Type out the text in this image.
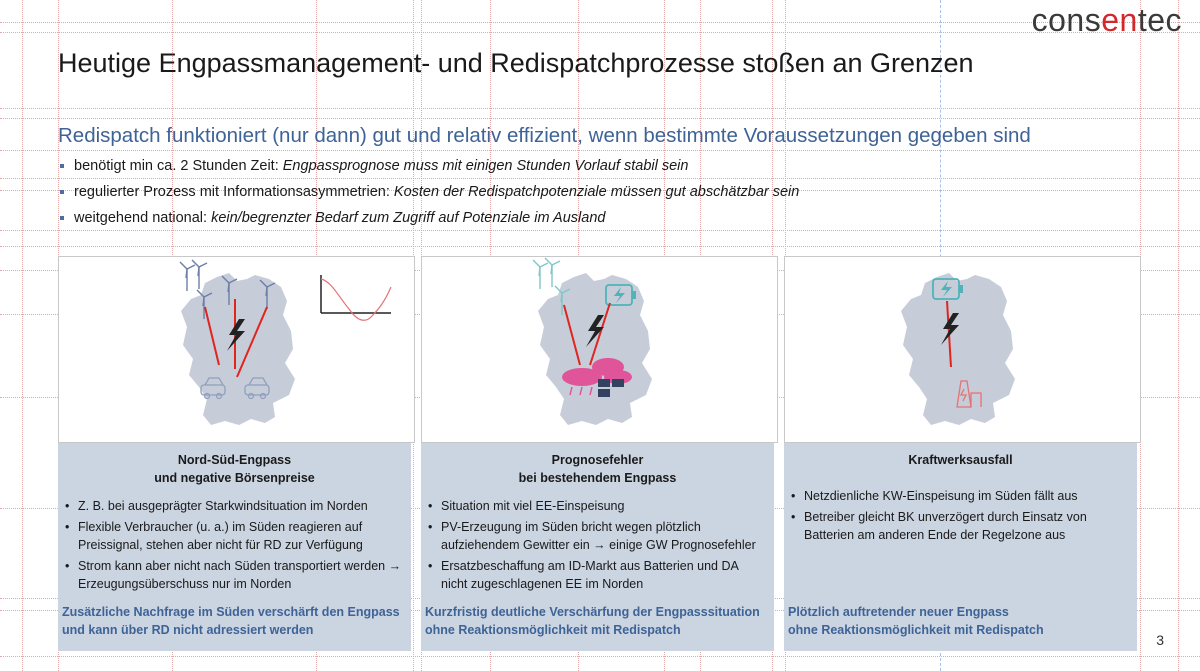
consentec
Heutige Engpassmanagement- und Redispatchprozesse stoßen an Grenzen
Redispatch funktioniert (nur dann) gut und relativ effizient, wenn bestimmte Voraussetzungen gegeben sind
benötigt min ca. 2 Stunden Zeit: Engpassprognose muss mit einigen Stunden Vorlauf stabil sein
regulierter Prozess mit Informationsasymmetrien: Kosten der Redispatchpotenziale müssen gut abschätzbar sein
weitgehend national: kein/begrenzter Bedarf zum Zugriff auf Potenziale im Ausland
Nord-Süd-Engpass
und negative Börsenpreise
• Z. B. bei ausgeprägter Starkwindsituation im Norden
• Flexible Verbraucher (u. a.) im Süden reagieren auf Preissignal, stehen aber nicht für RD zur Verfügung
• Strom kann aber nicht nach Süden transportiert werden → Erzeugungsüberschuss nur im Norden
Zusätzliche Nachfrage im Süden verschärft den Engpass
und kann über RD nicht adressiert werden
Prognosefehler
bei bestehendem Engpass
• Situation mit viel EE-Einspeisung
• PV-Erzeugung im Süden bricht wegen plötzlich aufziehendem Gewitter ein → einige GW Prognosefehler
• Ersatzbeschaffung am ID-Markt aus Batterien und DA nicht zugeschlagenen EE im Norden
Kurzfristig deutliche Verschärfung der Engpasssituation
ohne Reaktionsmöglichkeit mit Redispatch
Kraftwerksausfall
• Netzdienliche KW-Einspeisung im Süden fällt aus
• Betreiber gleicht BK unverzögert durch Einsatz von Batterien am anderen Ende der Regelzone aus
Plötzlich auftretender neuer Engpass
ohne Reaktionsmöglichkeit mit Redispatch
3
